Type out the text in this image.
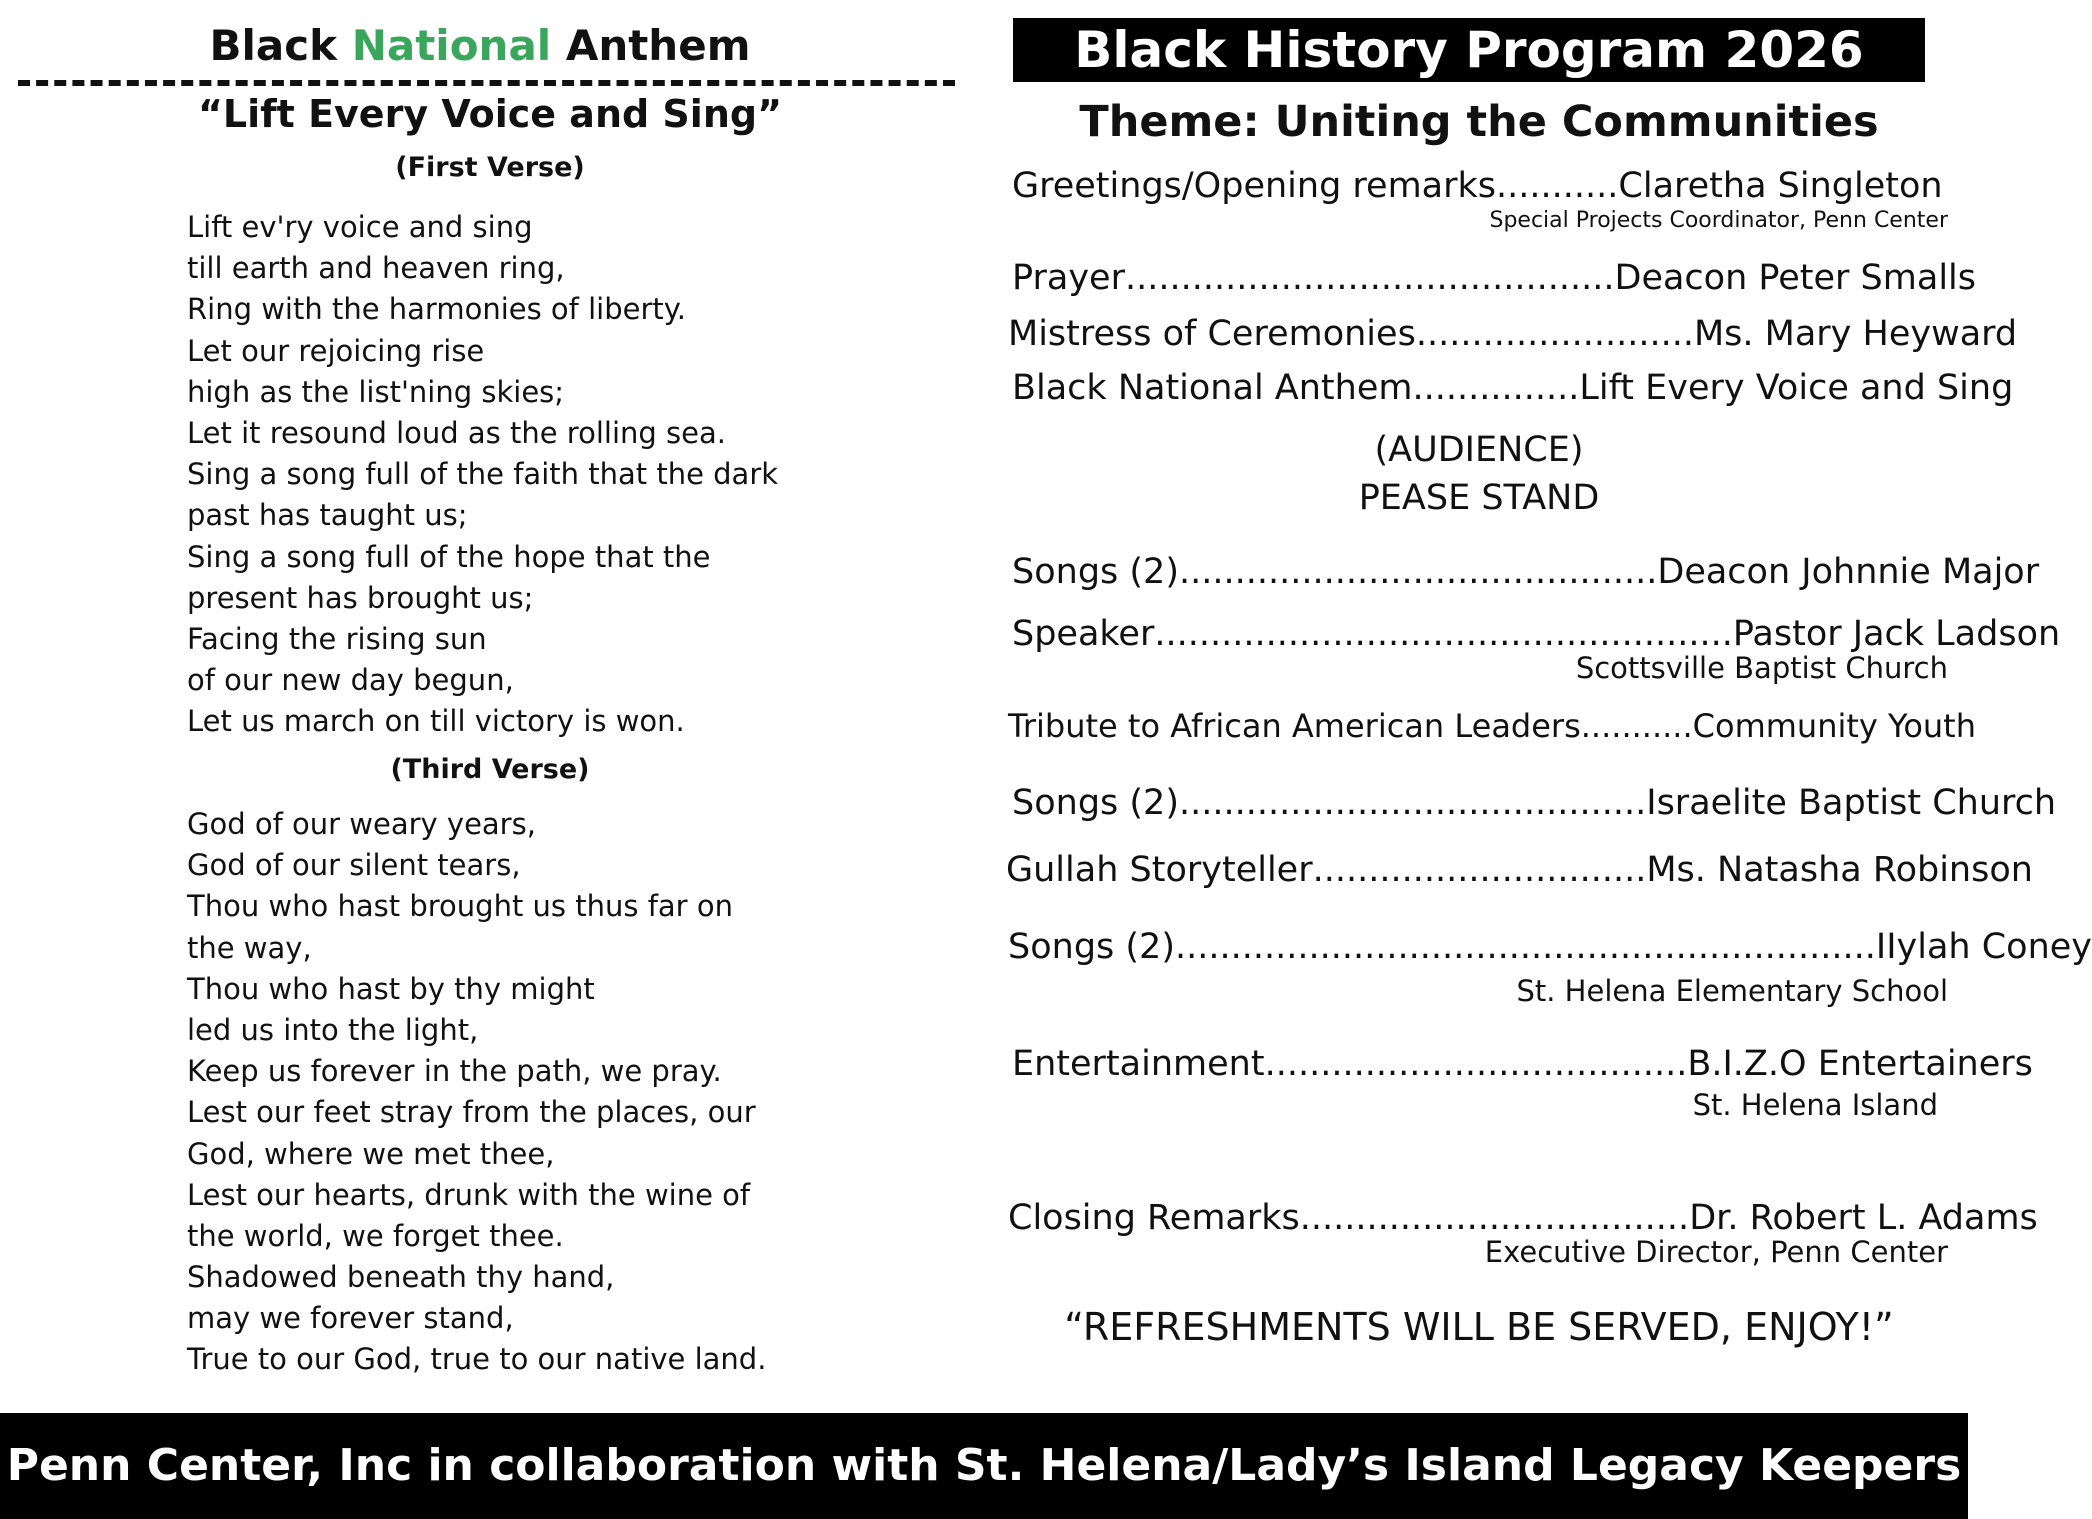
Black National Anthem
“Lift Every Voice and Sing”
(First Verse)
Lift ev'ry voice and sing
till earth and heaven ring,
Ring with the harmonies of liberty.
Let our rejoicing rise
high as the list'ning skies;
Let it resound loud as the rolling sea.
Sing a song full of the faith that the dark
past has taught us;
Sing a song full of the hope that the
present has brought us;
Facing the rising sun
of our new day begun,
Let us march on till victory is won.
(Third Verse)
God of our weary years,
God of our silent tears,
Thou who hast brought us thus far on
the way,
Thou who hast by thy might
led us into the light,
Keep us forever in the path, we pray.
Lest our feet stray from the places, our
God, where we met thee,
Lest our hearts, drunk with the wine of
the world, we forget thee.
Shadowed beneath thy hand,
may we forever stand,
True to our God, true to our native land.
Black History Program 2026
Theme: Uniting the Communities
Greetings/Opening remarks...........Claretha Singleton
Special Projects Coordinator, Penn Center
Prayer............................................Deacon Peter Smalls
Mistress of Ceremonies.........................Ms. Mary Heyward
Black National Anthem...............Lift Every Voice and Sing
(AUDIENCE)
PEASE STAND
Songs (2)...........................................Deacon Johnnie Major
Speaker....................................................Pastor Jack Ladson
Scottsville Baptist Church
Tribute to African American Leaders...........Community Youth
Songs (2)..........................................Israelite Baptist Church
Gullah Storyteller..............................Ms. Natasha Robinson
Songs (2)...............................................................IIylah Coney
St. Helena Elementary School
Entertainment......................................B.I.Z.O Entertainers
St. Helena Island
Closing Remarks...................................Dr. Robert L. Adams
Executive Director, Penn Center
“REFRESHMENTS WILL BE SERVED, ENJOY!”
Penn Center, Inc in collaboration with St. Helena/Lady’s Island Legacy Keepers
